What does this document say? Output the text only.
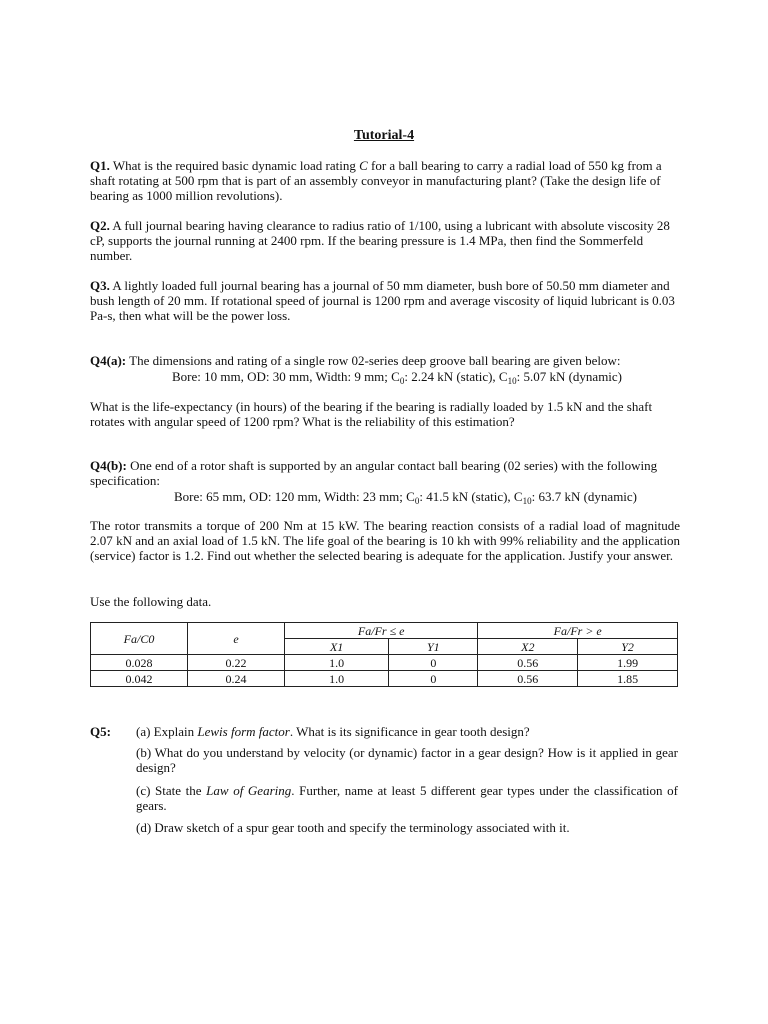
Tutorial-4
Q1. What is the required basic dynamic load rating C for a ball bearing to carry a radial load of 550 kg from a shaft rotating at 500 rpm that is part of an assembly conveyor in manufacturing plant? (Take the design life of bearing as 1000 million revolutions).
Q2. A full journal bearing having clearance to radius ratio of 1/100, using a lubricant with absolute viscosity 28 cP, supports the journal running at 2400 rpm. If the bearing pressure is 1.4 MPa, then find the Sommerfeld number.
Q3. A lightly loaded full journal bearing has a journal of 50 mm diameter, bush bore of 50.50 mm diameter and bush length of 20 mm. If rotational speed of journal is 1200 rpm and average viscosity of liquid lubricant is 0.03 Pa-s, then what will be the power loss.
Q4(a): The dimensions and rating of a single row 02-series deep groove ball bearing are given below:
Bore: 10 mm, OD: 30 mm, Width: 9 mm; $C_0$: 2.24 kN (static), $C_{10}$: 5.07 kN (dynamic)
What is the life-expectancy (in hours) of the bearing if the bearing is radially loaded by 1.5 kN and the shaft rotates with angular speed of 1200 rpm? What is the reliability of this estimation?
Q4(b): One end of a rotor shaft is supported by an angular contact ball bearing (02 series) with the following specification:
Bore: 65 mm, OD: 120 mm, Width: 23 mm; $C_0$: 41.5 kN (static), $C_{10}$: 63.7 kN (dynamic)
The rotor transmits a torque of 200 Nm at 15 kW. The bearing reaction consists of a radial load of magnitude 2.07 kN and an axial load of 1.5 kN. The life goal of the bearing is 10 kh with 99% reliability and the application (service) factor is 1.2. Find out whether the selected bearing is adequate for the application. Justify your answer.
Use the following data.
Fa/C0	e	Fa/Fr ≤ e		Fa/Fr > e	
		X1	Y1	X2	Y2
0.028	0.22	1.0	0	0.56	1.99
0.042	0.24	1.0	0	0.56	1.85
Q5: (a) Explain Lewis form factor. What is its significance in gear tooth design?
(b) What do you understand by velocity (or dynamic) factor in a gear design? How is it applied in gear design?
(c) State the Law of Gearing. Further, name at least 5 different gear types under the classification of gears.
(d) Draw sketch of a spur gear tooth and specify the terminology associated with it.
